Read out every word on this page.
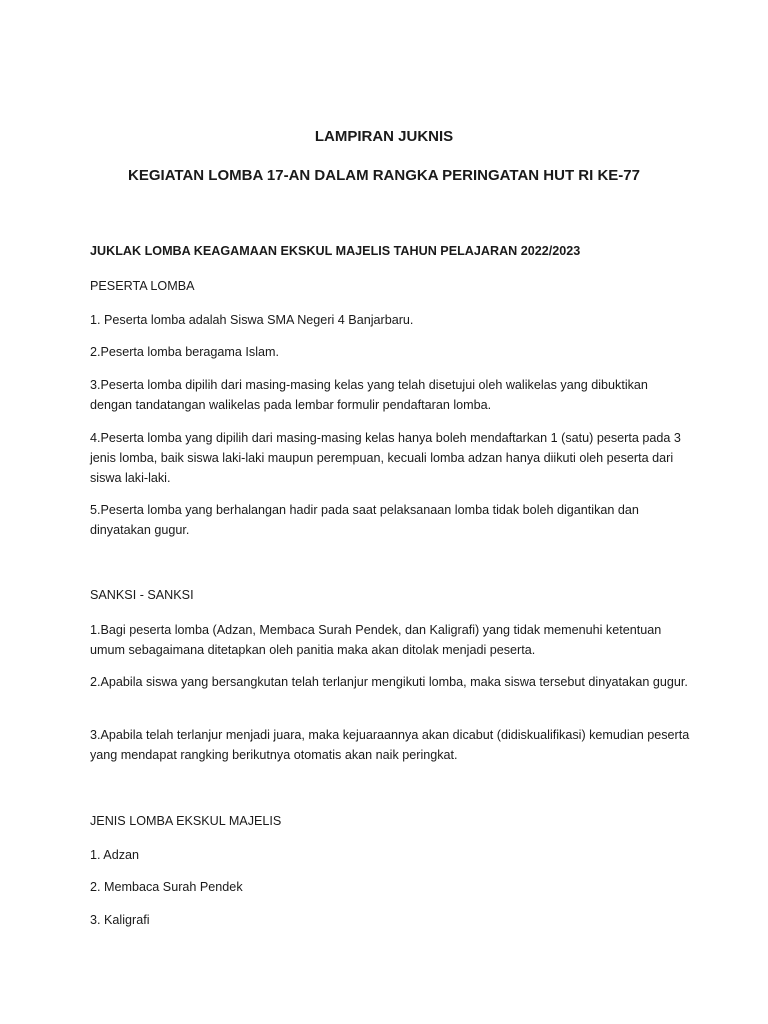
LAMPIRAN JUKNIS
KEGIATAN LOMBA 17-AN DALAM RANGKA PERINGATAN HUT RI KE-77

JUKLAK LOMBA KEAGAMAAN EKSKUL MAJELIS TAHUN PELAJARAN 2022/2023

PESERTA LOMBA

1. Peserta lomba adalah Siswa SMA Negeri 4 Banjarbaru.

2.Peserta lomba beragama Islam.

3.Peserta lomba dipilih dari masing-masing kelas yang telah disetujui oleh walikelas yang dibuktikan dengan tandatangan walikelas pada lembar formulir pendaftaran lomba.

4.Peserta lomba yang dipilih dari masing-masing kelas hanya boleh mendaftarkan 1 (satu) peserta pada 3 jenis lomba, baik siswa laki-laki maupun perempuan, kecuali lomba adzan hanya diikuti oleh peserta dari siswa laki-laki.

5.Peserta lomba yang berhalangan hadir pada saat pelaksanaan lomba tidak boleh digantikan dan dinyatakan gugur.

SANKSI - SANKSI

1.Bagi peserta lomba (Adzan, Membaca Surah Pendek, dan Kaligrafi) yang tidak memenuhi ketentuan umum sebagaimana ditetapkan oleh panitia maka akan ditolak menjadi peserta.

2.Apabila siswa yang bersangkutan telah terlanjur mengikuti lomba, maka siswa tersebut dinyatakan gugur.

3.Apabila telah terlanjur menjadi juara, maka kejuaraannya akan dicabut (didiskualifikasi) kemudian peserta yang mendapat rangking berikutnya otomatis akan naik peringkat.

JENIS LOMBA EKSKUL MAJELIS

1. Adzan

2. Membaca Surah Pendek

3. Kaligrafi
